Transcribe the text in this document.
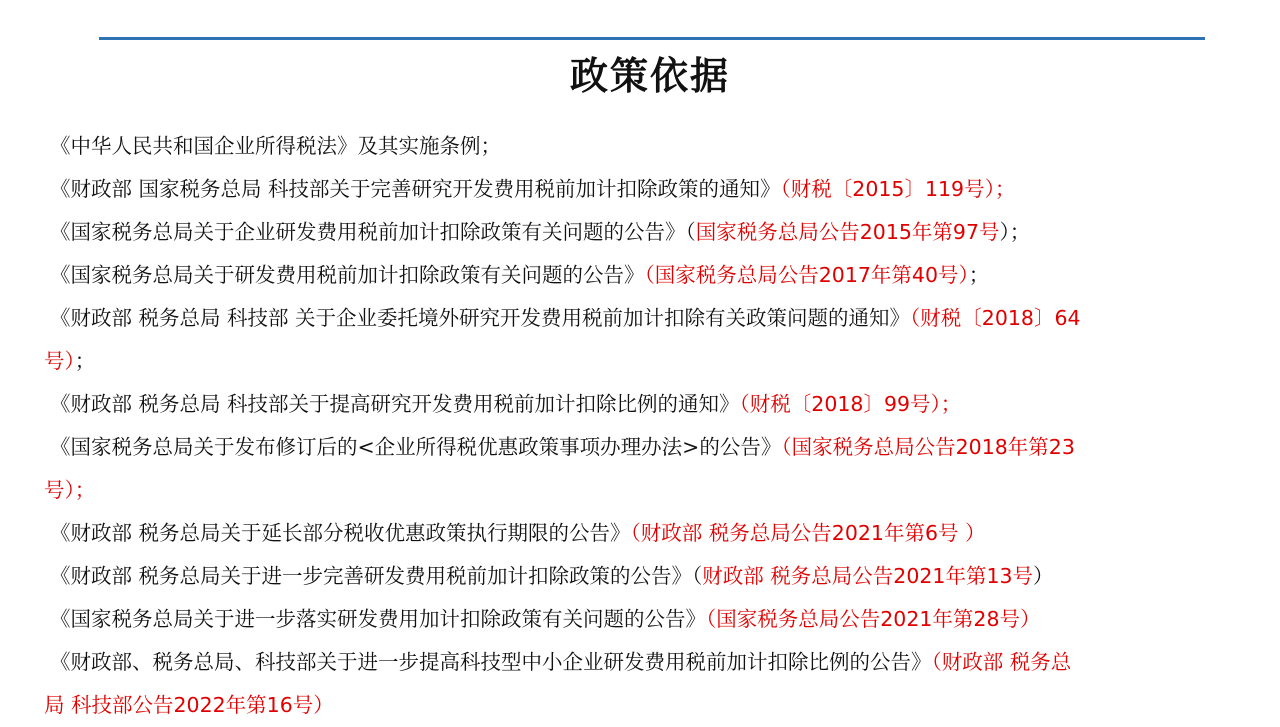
政策依据
《中华人民共和国企业所得税法》及其实施条例；
《财政部 国家税务总局 科技部关于完善研究开发费用税前加计扣除政策的通知》（财税〔2015〕119号）；
《国家税务总局关于企业研发费用税前加计扣除政策有关问题的公告》（国家税务总局公告2015年第97号）；
《国家税务总局关于研发费用税前加计扣除政策有关问题的公告》（国家税务总局公告2017年第40号）；
《财政部 税务总局 科技部 关于企业委托境外研究开发费用税前加计扣除有关政策问题的通知》（财税〔2018〕64
号）；
《财政部 税务总局 科技部关于提高研究开发费用税前加计扣除比例的通知》（财税〔2018〕99号）；
《国家税务总局关于发布修订后的<企业所得税优惠政策事项办理办法>的公告》（国家税务总局公告2018年第23
号）；
《财政部 税务总局关于延长部分税收优惠政策执行期限的公告》（财政部 税务总局公告2021年第6号 ）
《财政部 税务总局关于进一步完善研发费用税前加计扣除政策的公告》（财政部 税务总局公告2021年第13号）
《国家税务总局关于进一步落实研发费用加计扣除政策有关问题的公告》（国家税务总局公告2021年第28号）
《财政部、税务总局、科技部关于进一步提高科技型中小企业研发费用税前加计扣除比例的公告》（财政部 税务总
局 科技部公告2022年第16号）
